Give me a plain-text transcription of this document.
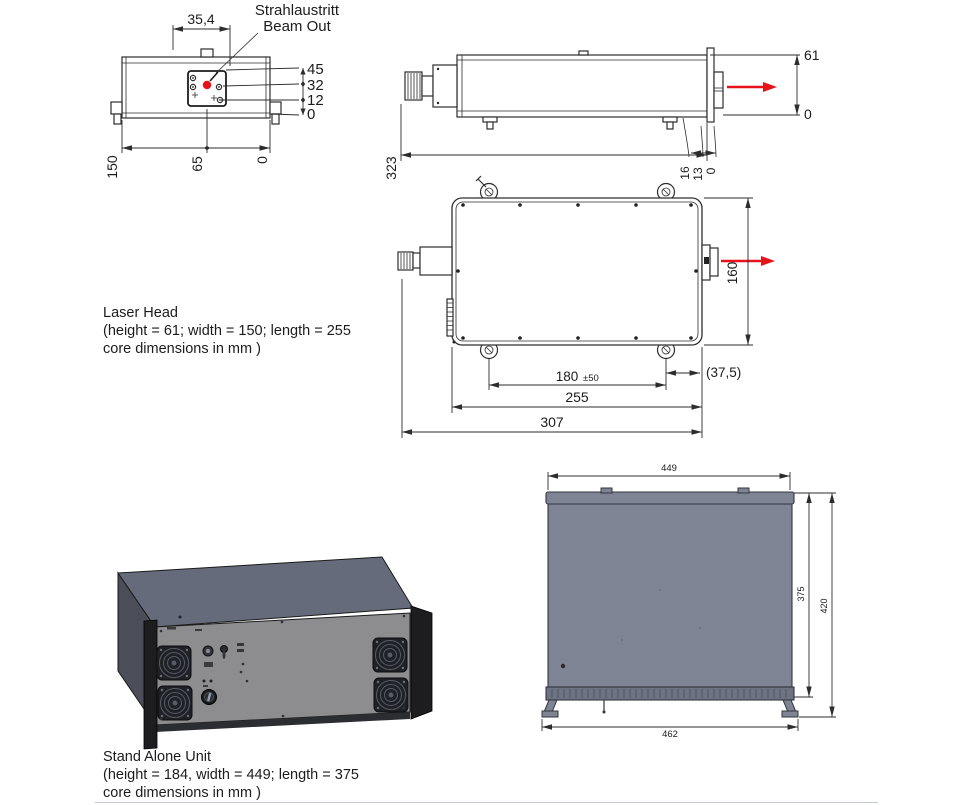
Strahlaustritt
Beam Out
35,4
45
32
12
0
150	65	0
61
0
323	16 13 0
160
(37,5)
180 ±50
255
307
Laser Head
(height = 61; width = 150; length = 255
core dimensions in mm )
449
375
420
462
Stand Alone Unit
(height = 184, width = 449; length = 375
core dimensions in mm )
